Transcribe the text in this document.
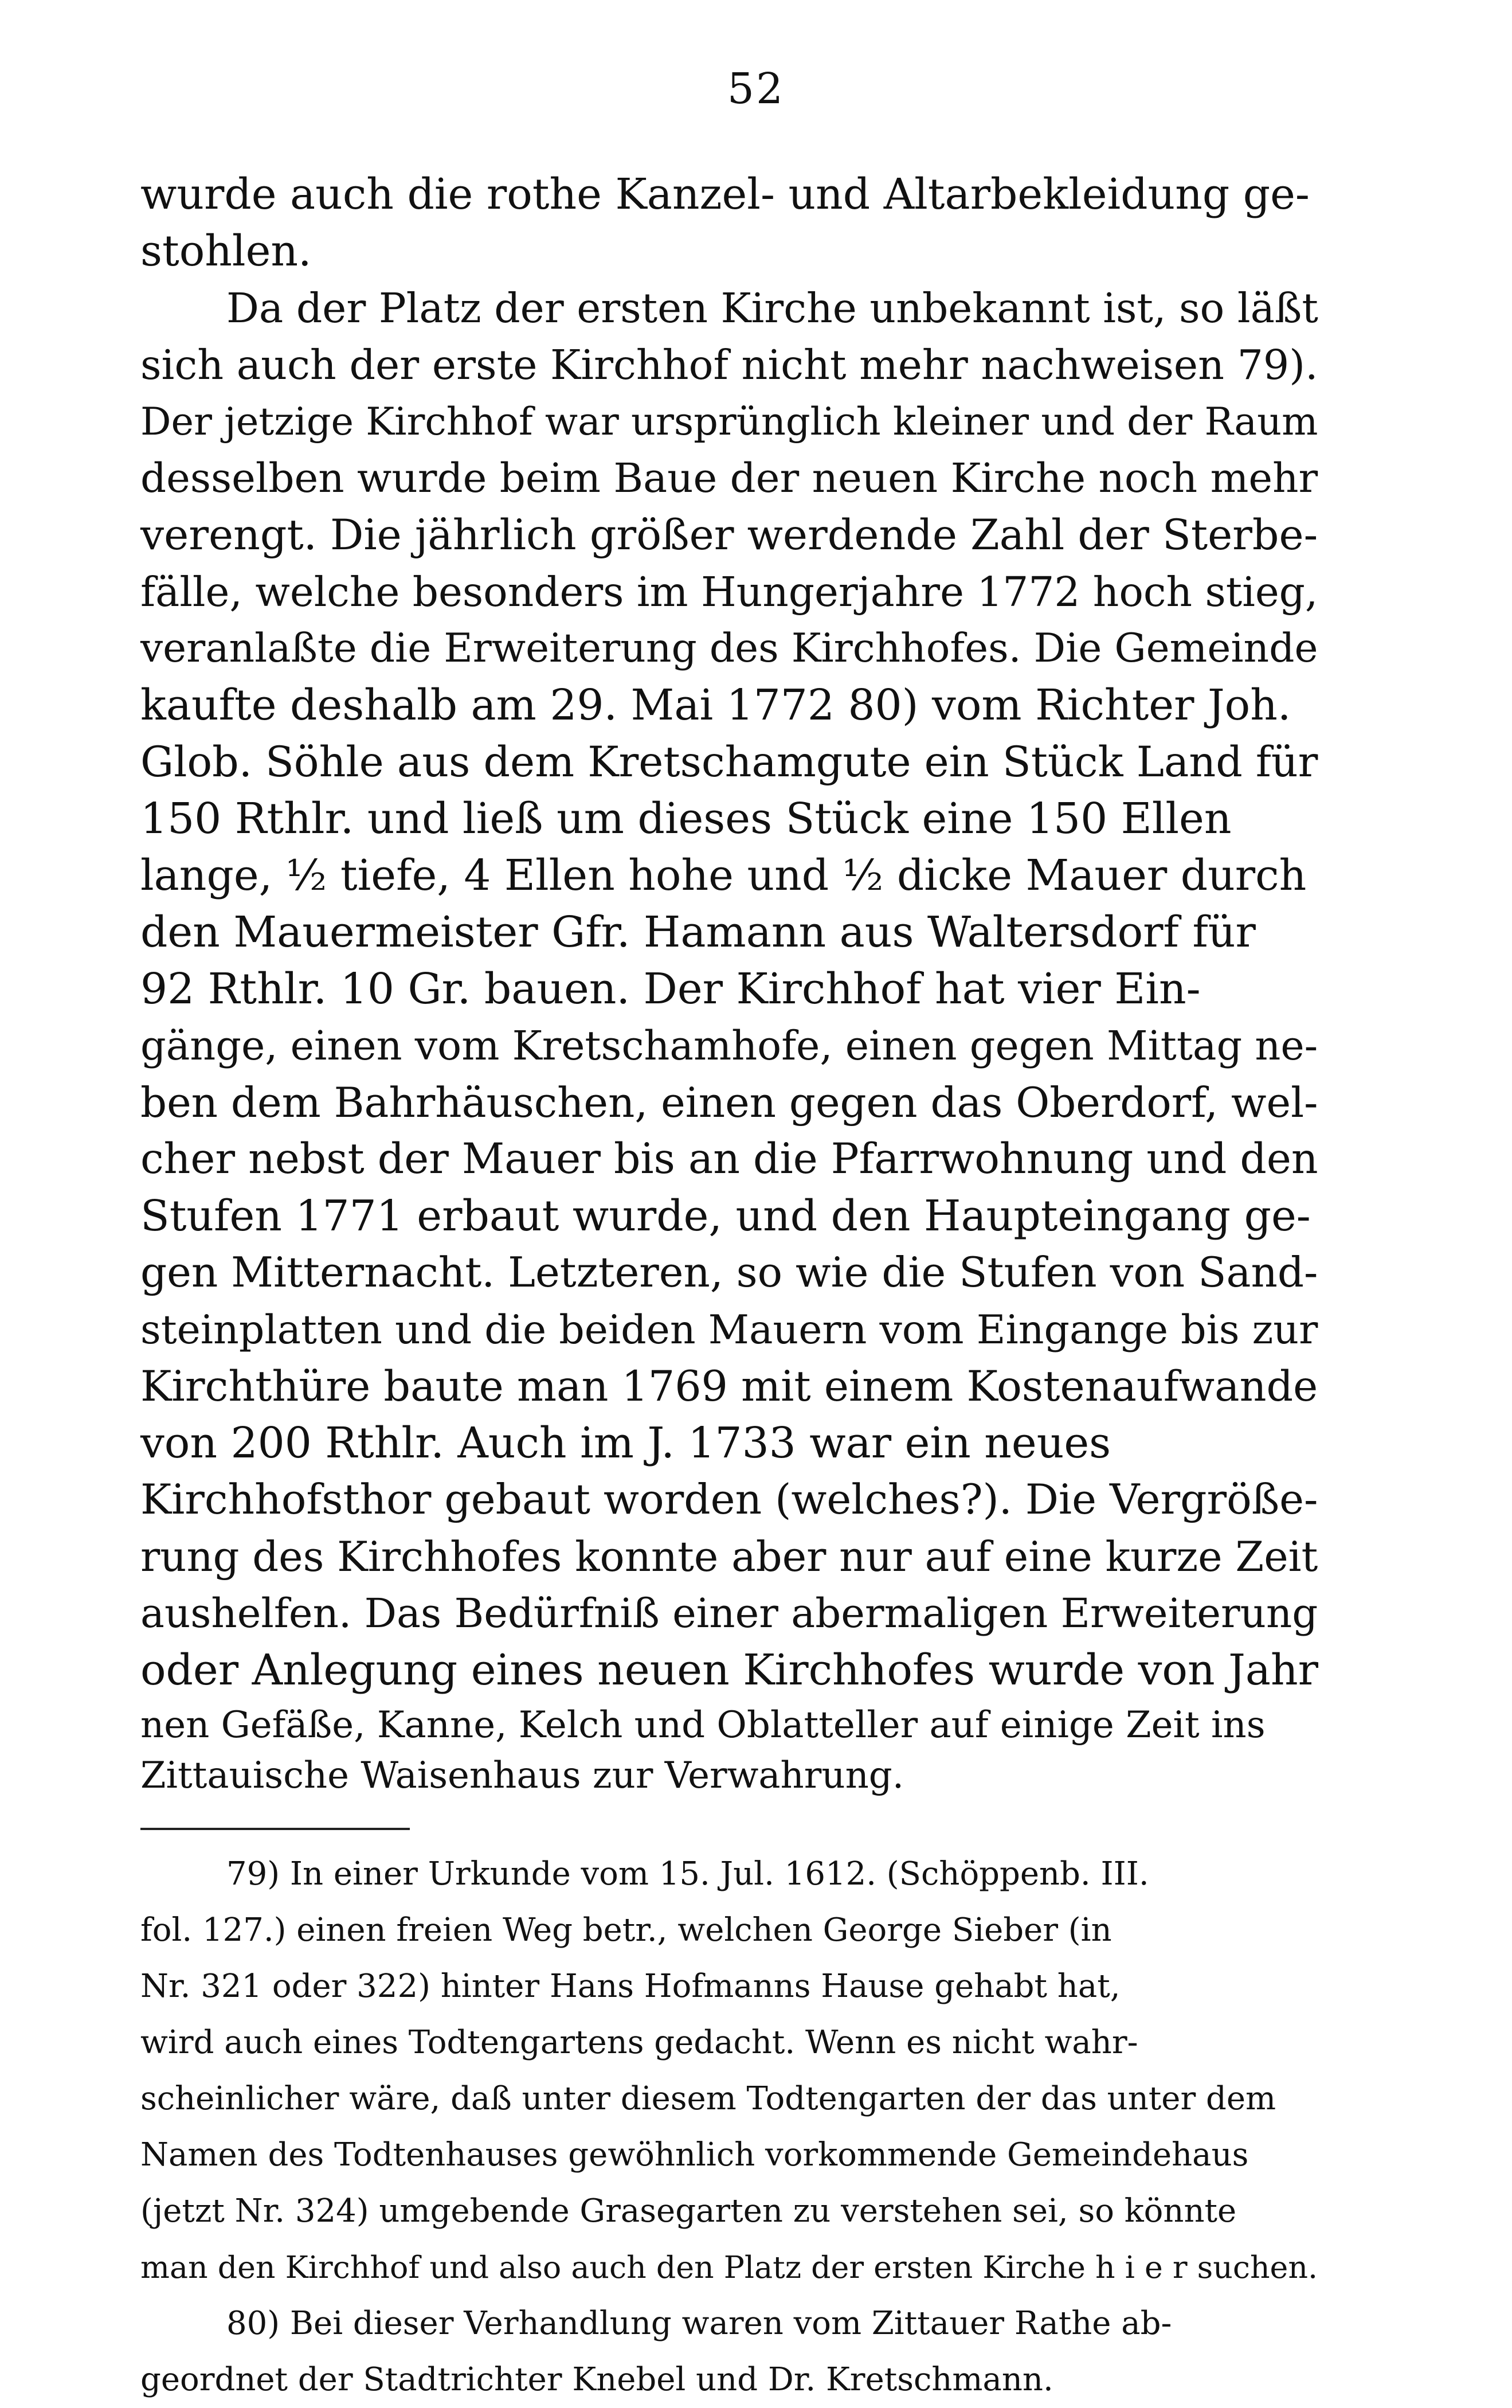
52
wurde auch die rothe Kanzel- und Altarbekleidung ge-
stohlen.
Da der Platz der ersten Kirche unbekannt ist, so läßt
sich auch der erste Kirchhof nicht mehr nachweisen 79).
Der jetzige Kirchhof war ursprünglich kleiner und der Raum
desselben wurde beim Baue der neuen Kirche noch mehr
verengt. Die jährlich größer werdende Zahl der Sterbe-
fälle, welche besonders im Hungerjahre 1772 hoch stieg,
veranlaßte die Erweiterung des Kirchhofes. Die Gemeinde
kaufte deshalb am 29. Mai 1772 80) vom Richter Joh.
Glob. Söhle aus dem Kretschamgute ein Stück Land für
150 Rthlr. und ließ um dieses Stück eine 150 Ellen
lange, ½ tiefe, 4 Ellen hohe und ½ dicke Mauer durch
den Mauermeister Gfr. Hamann aus Waltersdorf für
92 Rthlr. 10 Gr. bauen. Der Kirchhof hat vier Ein-
gänge, einen vom Kretschamhofe, einen gegen Mittag ne-
ben dem Bahrhäuschen, einen gegen das Oberdorf, wel-
cher nebst der Mauer bis an die Pfarrwohnung und den
Stufen 1771 erbaut wurde, und den Haupteingang ge-
gen Mitternacht. Letzteren, so wie die Stufen von Sand-
steinplatten und die beiden Mauern vom Eingange bis zur
Kirchthüre baute man 1769 mit einem Kostenaufwande
von 200 Rthlr. Auch im J. 1733 war ein neues
Kirchhofsthor gebaut worden (welches?). Die Vergröße-
rung des Kirchhofes konnte aber nur auf eine kurze Zeit
aushelfen. Das Bedürfniß einer abermaligen Erweiterung
oder Anlegung eines neuen Kirchhofes wurde von Jahr
nen Gefäße, Kanne, Kelch und Oblatteller auf einige Zeit ins
Zittauische Waisenhaus zur Verwahrung.
79) In einer Urkunde vom 15. Jul. 1612. (Schöppenb. III.
fol. 127.) einen freien Weg betr., welchen George Sieber (in
Nr. 321 oder 322) hinter Hans Hofmanns Hause gehabt hat,
wird auch eines Todtengartens gedacht. Wenn es nicht wahr-
scheinlicher wäre, daß unter diesem Todtengarten der das unter dem
Namen des Todtenhauses gewöhnlich vorkommende Gemeindehaus
(jetzt Nr. 324) umgebende Grasegarten zu verstehen sei, so könnte
man den Kirchhof und also auch den Platz der ersten Kirche h i e r suchen.
80) Bei dieser Verhandlung waren vom Zittauer Rathe ab-
geordnet der Stadtrichter Knebel und Dr. Kretschmann.
